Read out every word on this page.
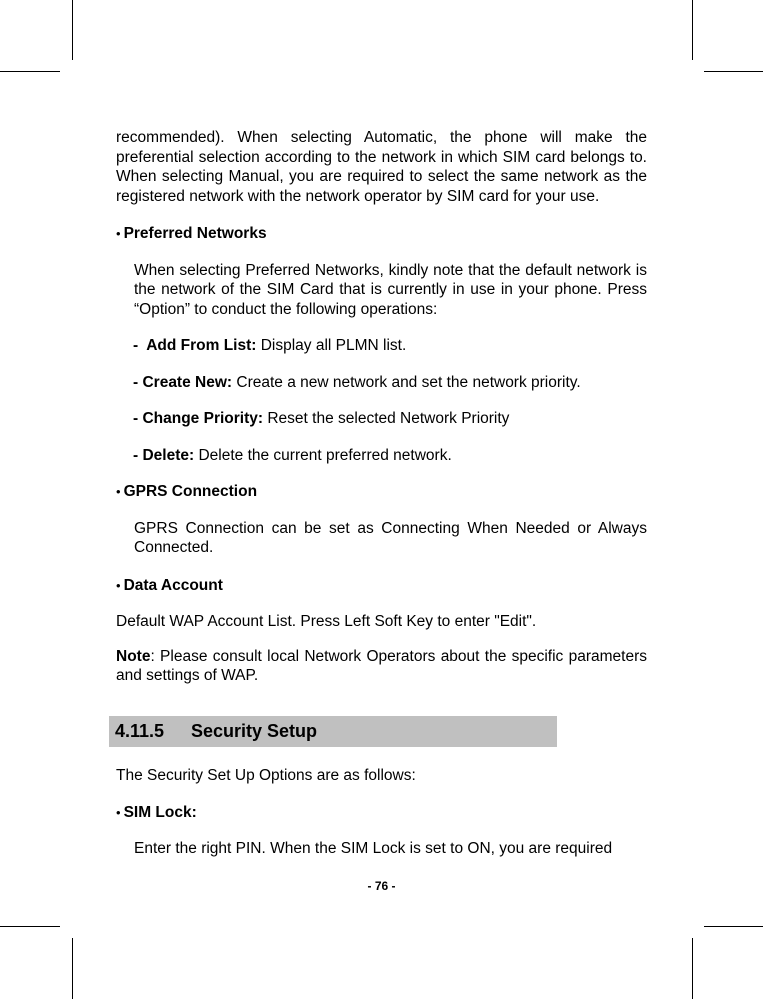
recommended). When selecting Automatic, the phone will make the preferential selection according to the network in which SIM card belongs to. When selecting Manual, you are required to select the same network as the registered network with the network operator by SIM card for your use.

• Preferred Networks

When selecting Preferred Networks, kindly note that the default network is the network of the SIM Card that is currently in use in your phone. Press “Option” to conduct the following operations:

-  Add From List: Display all PLMN list.

- Create New: Create a new network and set the network priority.

- Change Priority: Reset the selected Network Priority

- Delete: Delete the current preferred network.

• GPRS Connection

GPRS Connection can be set as Connecting When Needed or Always Connected.

• Data Account

Default WAP Account List. Press Left Soft Key to enter "Edit".

Note: Please consult local Network Operators about the specific parameters and settings of WAP.

4.11.5 Security Setup

The Security Set Up Options are as follows:

• SIM Lock:

Enter the right PIN. When the SIM Lock is set to ON, you are required

- 76 -
